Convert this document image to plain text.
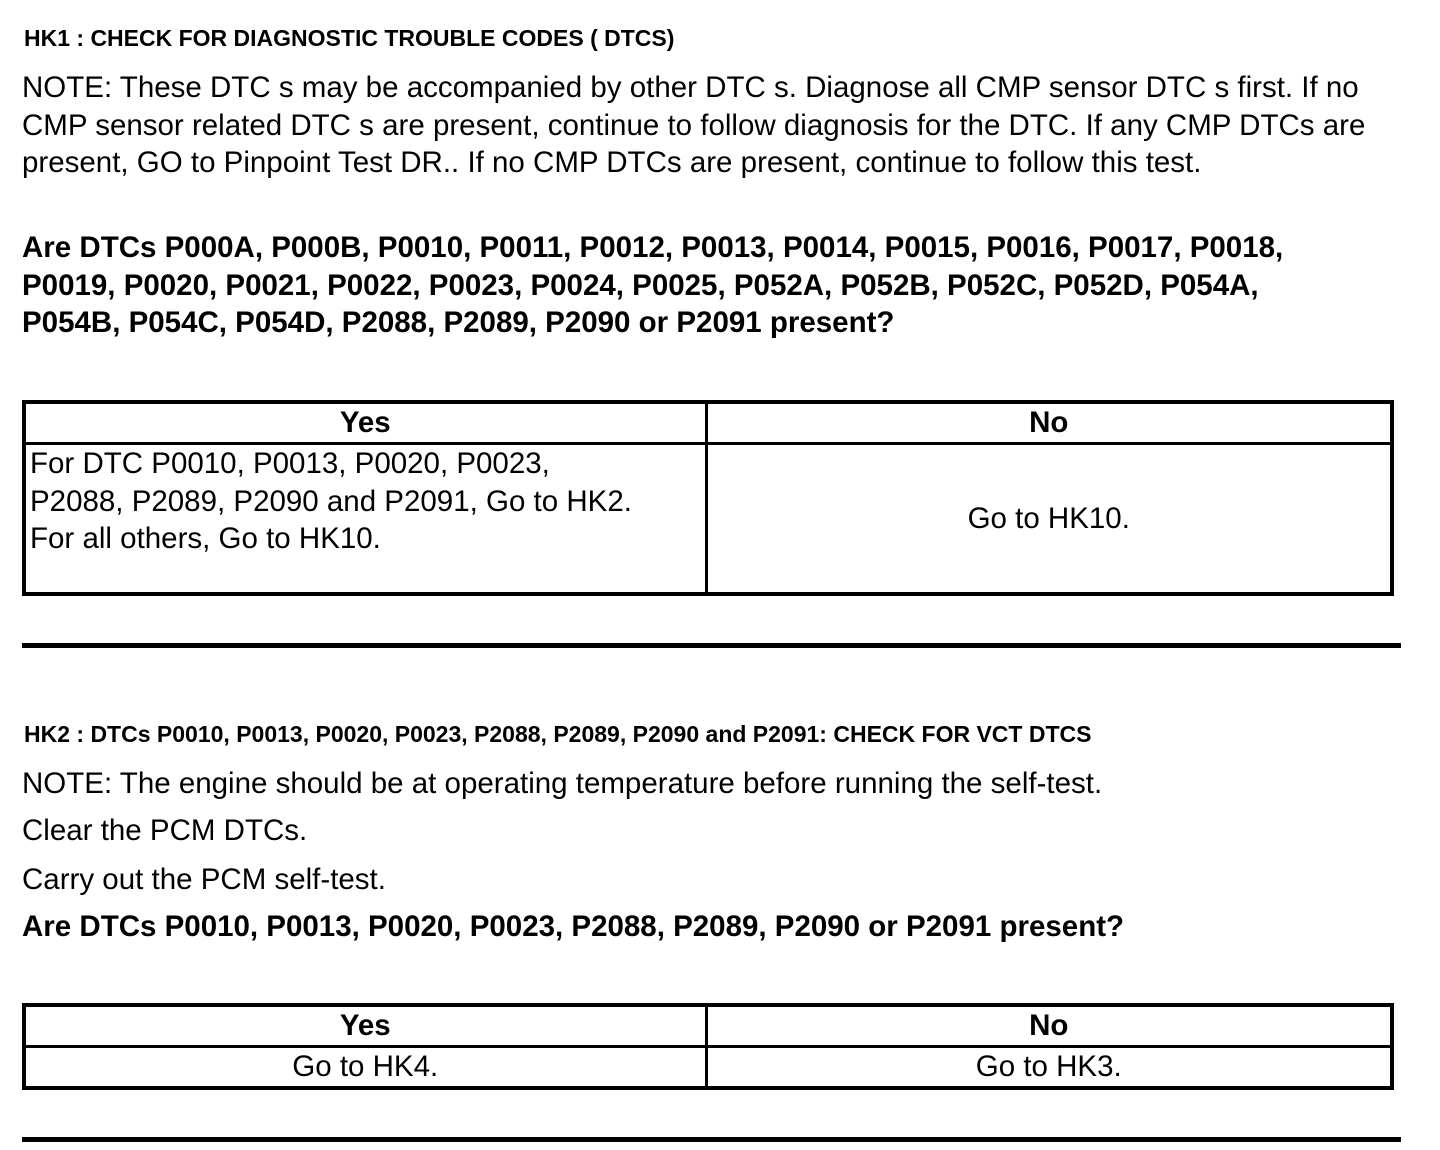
HK1 : CHECK FOR DIAGNOSTIC TROUBLE CODES ( DTCS)

NOTE: These DTC s may be accompanied by other DTC s. Diagnose all CMP sensor DTC s first. If no CMP sensor related DTC s are present, continue to follow diagnosis for the DTC. If any CMP DTCs are present, GO to Pinpoint Test DR.. If no CMP DTCs are present, continue to follow this test.

Are DTCs P000A, P000B, P0010, P0011, P0012, P0013, P0014, P0015, P0016, P0017, P0018, P0019, P0020, P0021, P0022, P0023, P0024, P0025, P052A, P052B, P052C, P052D, P054A, P054B, P054C, P054D, P2088, P2089, P2090 or P2091 present?

Yes	No

For DTC P0010, P0013, P0020, P0023, P2088, P2089, P2090 and P2091, Go to HK2.
For all others, Go to HK10.	Go to HK10.

HK2 : DTCs P0010, P0013, P0020, P0023, P2088, P2089, P2090 and P2091: CHECK FOR VCT DTCS

NOTE: The engine should be at operating temperature before running the self-test.

Clear the PCM DTCs.

Carry out the PCM self-test.

Are DTCs P0010, P0013, P0020, P0023, P2088, P2089, P2090 or P2091 present?

Yes	No
Go to HK4.	Go to HK3.
